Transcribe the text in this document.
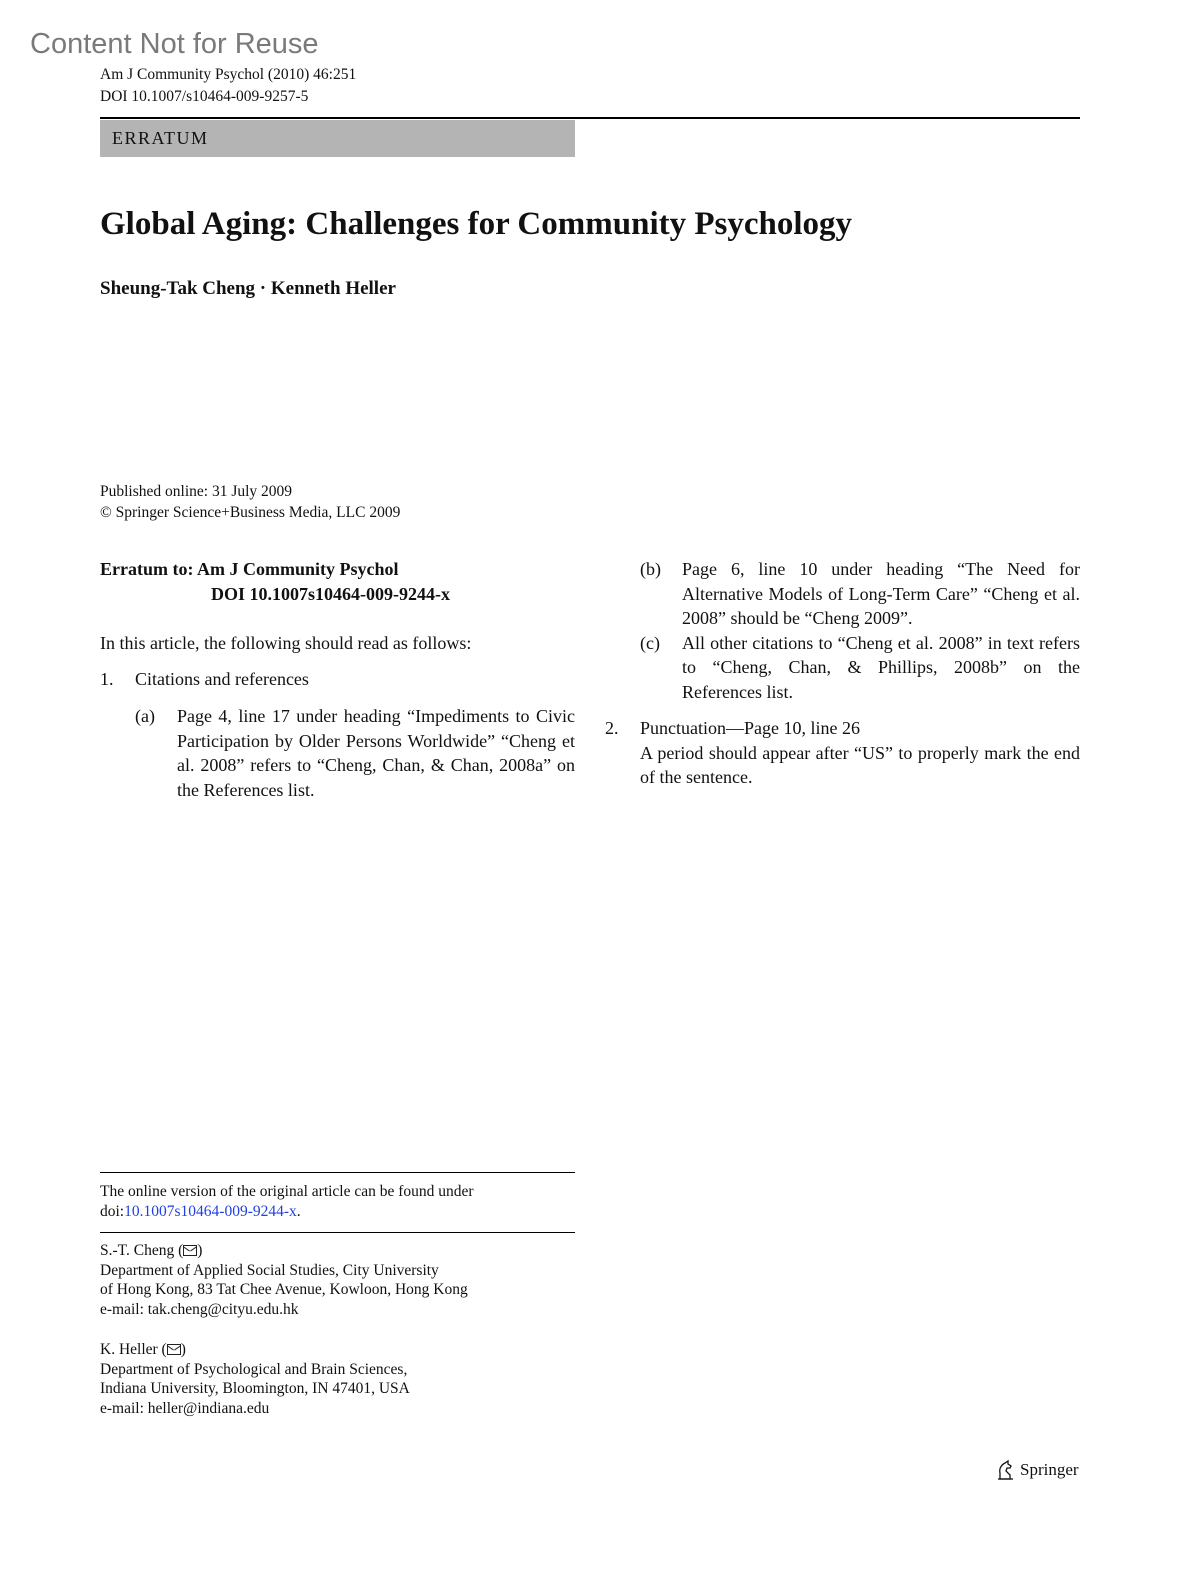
Content Not for Reuse
Am J Community Psychol (2010) 46:251
DOI 10.1007/s10464-009-9257-5
ERRATUM
Global Aging: Challenges for Community Psychology
Sheung-Tak Cheng · Kenneth Heller
Published online: 31 July 2009
© Springer Science+Business Media, LLC 2009
Erratum to: Am J Community Psychol
DOI 10.1007s10464-009-9244-x
In this article, the following should read as follows:
1.	Citations and references
(a)	Page 4, line 17 under heading “Impediments to Civic Participation by Older Persons Worldwide” “Cheng et al. 2008” refers to “Cheng, Chan, & Chan, 2008a” on the References list.
(b)	Page 6, line 10 under heading “The Need for Alternative Models of Long-Term Care” “Cheng et al. 2008” should be “Cheng 2009”.
(c)	All other citations to “Cheng et al. 2008” in text refers to “Cheng, Chan, & Phillips, 2008b” on the References list.
2.	Punctuation—Page 10, line 26
A period should appear after “US” to properly mark the end of the sentence.
The online version of the original article can be found under
doi:10.1007s10464-009-9244-x.
S.-T. Cheng ( )
Department of Applied Social Studies, City University
of Hong Kong, 83 Tat Chee Avenue, Kowloon, Hong Kong
e-mail: tak.cheng@cityu.edu.hk
K. Heller ( )
Department of Psychological and Brain Sciences,
Indiana University, Bloomington, IN 47401, USA
e-mail: heller@indiana.edu
Springer
